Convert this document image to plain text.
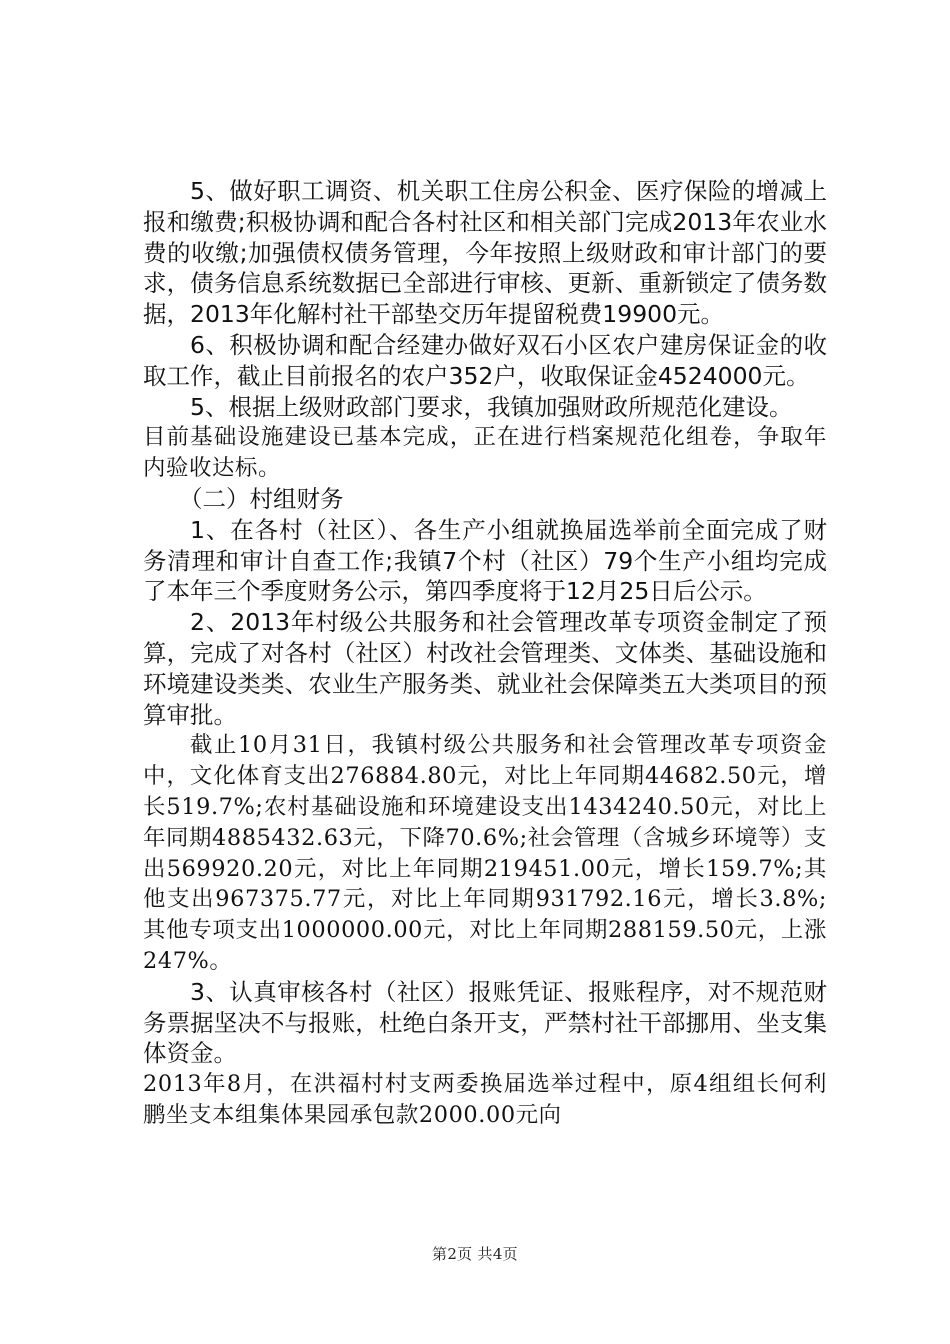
5、做好职工调资、机关职工住房公积金、医疗保险的增减上报和缴费;积极协调和配合各村社区和相关部门完成2013年农业水费的收缴;加强债权债务管理，今年按照上级财政和审计部门的要求，债务信息系统数据已全部进行审核、更新、重新锁定了债务数据，2013年化解村社干部垫交历年提留税费19900元。

6、积极协调和配合经建办做好双石小区农户建房保证金的收取工作，截止目前报名的农户352户，收取保证金4524000元。

5、根据上级财政部门要求，我镇加强财政所规范化建设。

目前基础设施建设已基本完成，正在进行档案规范化组卷，争取年内验收达标。

（二）村组财务

1、在各村（社区）、各生产小组就换届选举前全面完成了财务清理和审计自查工作;我镇7个村（社区）79个生产小组均完成了本年三个季度财务公示，第四季度将于12月25日后公示。

2、2013年村级公共服务和社会管理改革专项资金制定了预算，完成了对各村（社区）村改社会管理类、文体类、基础设施和环境建设类类、农业生产服务类、就业社会保障类五大类项目的预算审批。

截止10月31日，我镇村级公共服务和社会管理改革专项资金中，文化体育支出276884.80元，对比上年同期44682.50元，增长519.7%;农村基础设施和环境建设支出1434240.50元，对比上年同期4885432.63元，下降70.6%;社会管理（含城乡环境等）支出569920.20元，对比上年同期219451.00元，增长159.7%;其他支出967375.77元，对比上年同期931792.16元，增长3.8%;其他专项支出1000000.00元，对比上年同期288159.50元，上涨247%。

3、认真审核各村（社区）报账凭证、报账程序，对不规范财务票据坚决不与报账，杜绝白条开支，严禁村社干部挪用、坐支集体资金。

2013年8月，在洪福村村支两委换届选举过程中，原4组组长何利鹏坐支本组集体果园承包款2000.00元向

第2页 共4页
